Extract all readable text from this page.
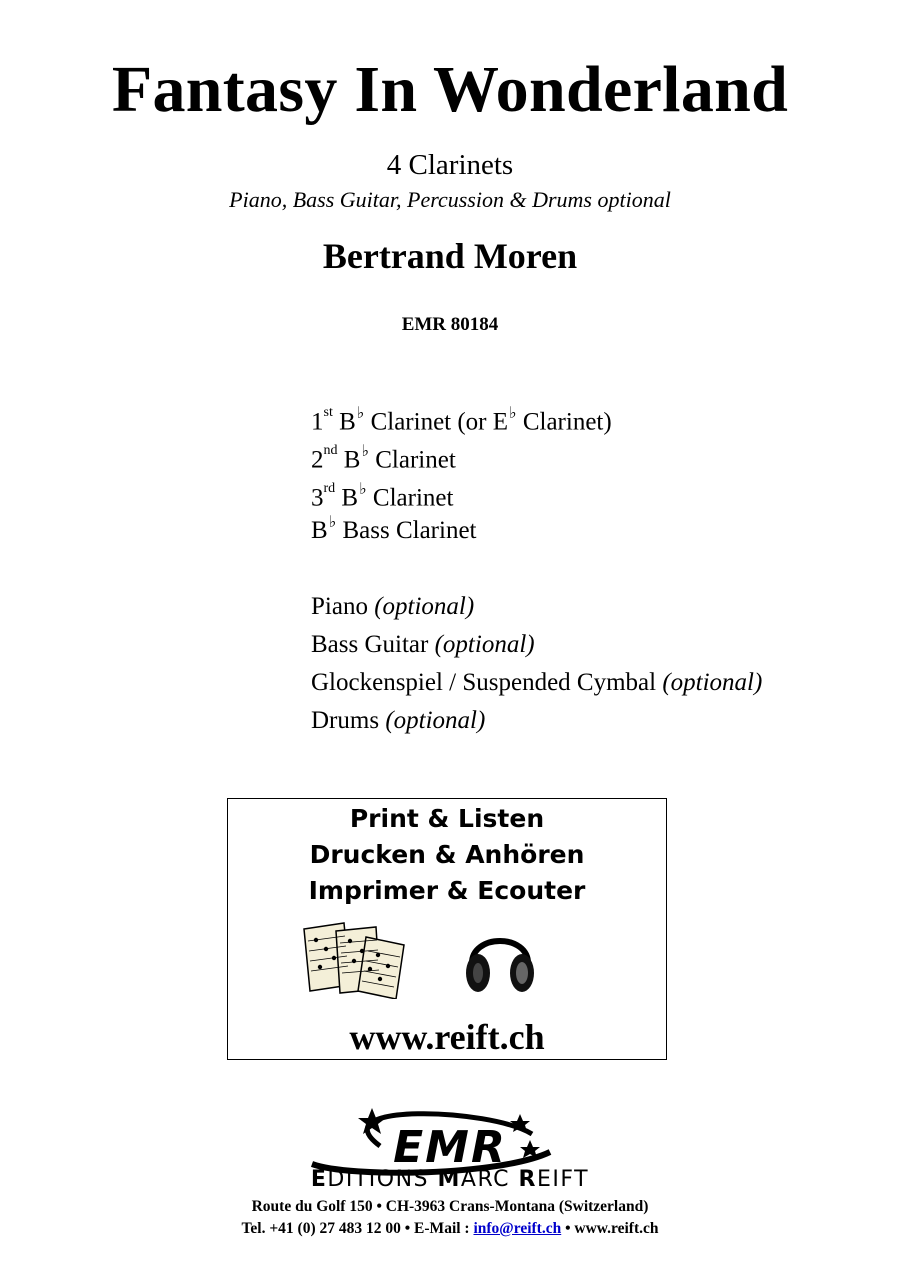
Fantasy In Wonderland
4 Clarinets
Piano, Bass Guitar, Percussion & Drums optional
Bertrand Moren
EMR 80184
1st B♭ Clarinet (or E♭ Clarinet)
2nd B♭ Clarinet
3rd B♭ Clarinet
B♭ Bass Clarinet
Piano (optional)
Bass Guitar (optional)
Glockenspiel / Suspended Cymbal (optional)
Drums (optional)
Print & Listen
Drucken & Anhören
Imprimer & Ecouter
www.reift.ch
EMR
EDITIONS MARC REIFT
Route du Golf 150 • CH-3963 Crans-Montana (Switzerland)
Tel. +41 (0) 27 483 12 00 • E-Mail : info@reift.ch • www.reift.ch
